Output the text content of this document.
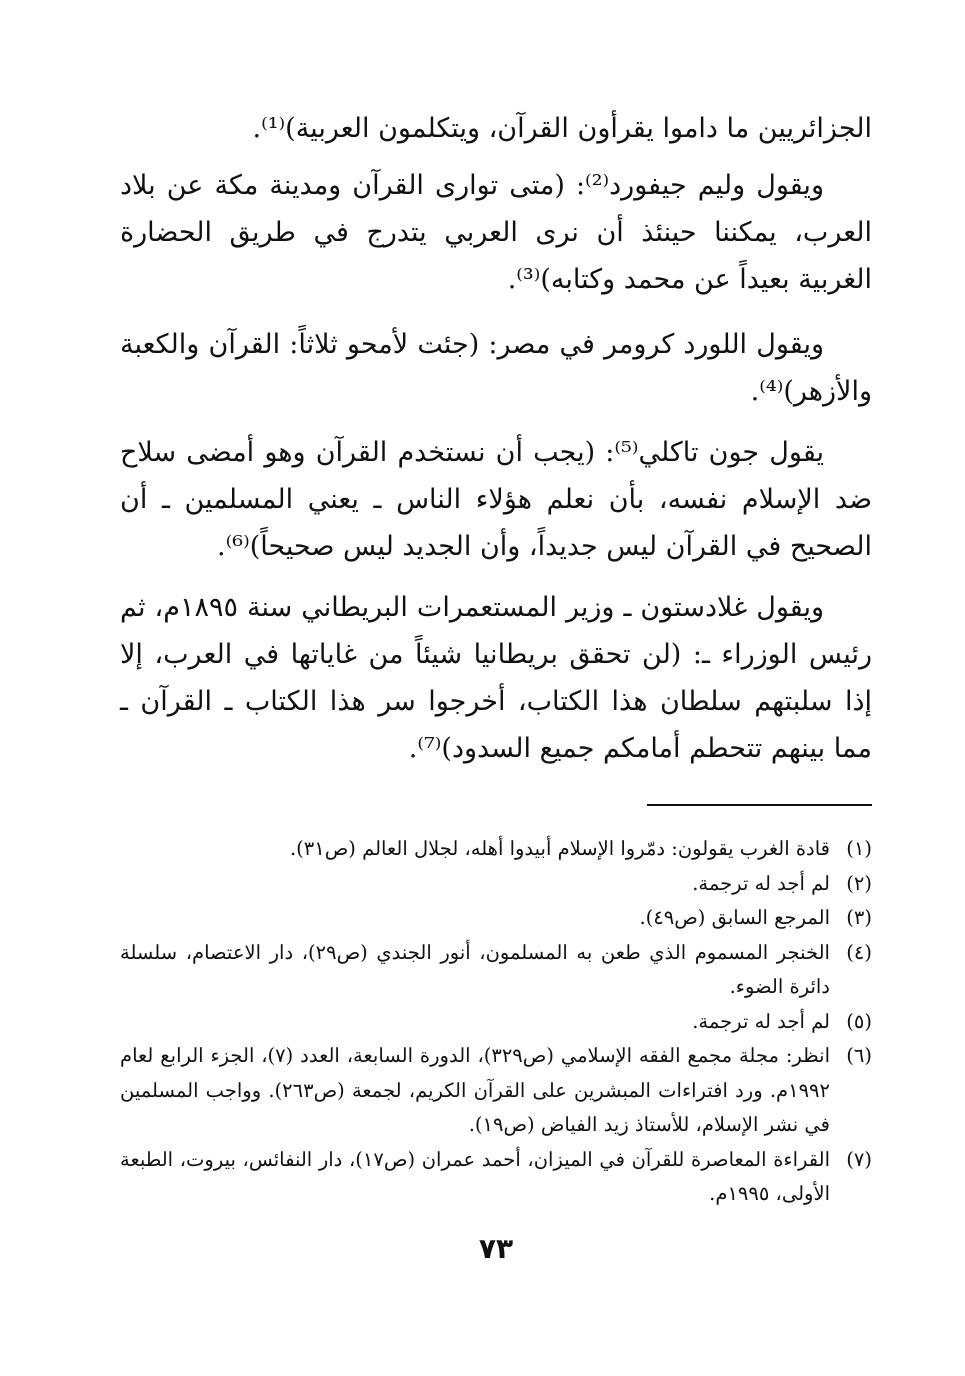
الجزائريين ما داموا يقرأون القرآن، ويتكلمون العربية)⁽¹⁾.

ويقول وليم جيفورد⁽²⁾: (متى توارى القرآن ومدينة مكة عن بلاد العرب، يمكننا حينئذ أن نرى العربي يتدرج في طريق الحضارة الغربية بعيداً عن محمد وكتابه)⁽³⁾.

ويقول اللورد كرومر في مصر: (جئت لأمحو ثلاثاً: القرآن والكعبة والأزهر)⁽⁴⁾.

يقول جون تاكلي⁽⁵⁾: (يجب أن نستخدم القرآن وهو أمضى سلاح ضد الإسلام نفسه، بأن نعلم هؤلاء الناس ـ يعني المسلمين ـ أن الصحيح في القرآن ليس جديداً، وأن الجديد ليس صحيحاً)⁽⁶⁾.

ويقول غلادستون ـ وزير المستعمرات البريطاني سنة ١٨٩٥م، ثم رئيس الوزراء ـ: (لن تحقق بريطانيا شيئاً من غاياتها في العرب، إلا إذا سلبتهم سلطان هذا الكتاب، أخرجوا سر هذا الكتاب ـ القرآن ـ مما بينهم تتحطم أمامكم جميع السدود)⁽⁷⁾.

(١)
قادة الغرب يقولون: دمّروا الإسلام أبيدوا أهله، لجلال العالم (ص٣١).
(٢)
لم أجد له ترجمة.
(٣)
المرجع السابق (ص٤٩).
(٤)
الخنجر المسموم الذي طعن به المسلمون، أنور الجندي (ص٢٩)، دار الاعتصام، سلسلة دائرة الضوء.
(٥)
لم أجد له ترجمة.
(٦)
انظر: مجلة مجمع الفقه الإسلامي (ص٣٢٩)، الدورة السابعة، العدد (٧)، الجزء الرابع لعام ١٩٩٢م. ورد افتراءات المبشرين على القرآن الكريم، لجمعة (ص٢٦٣). وواجب المسلمين في نشر الإسلام، للأستاذ زيد الفياض (ص١٩).
(٧)
القراءة المعاصرة للقرآن في الميزان، أحمد عمران (ص١٧)، دار النفائس، بيروت، الطبعة الأولى، ١٩٩٥م.
٧٣
